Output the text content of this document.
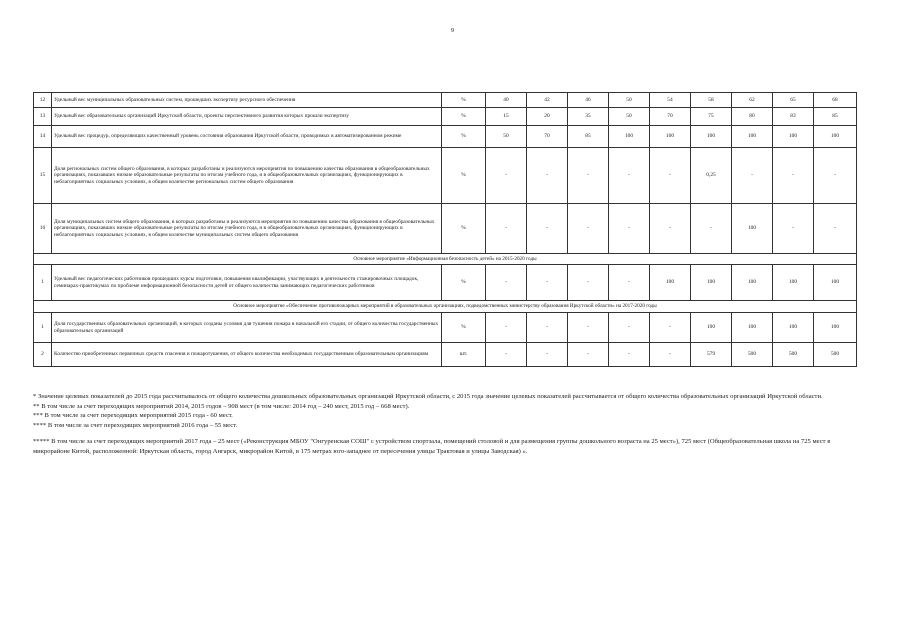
9
12	Удельный вес муниципальных образовательных систем, прошедших экспертизу ресурсного обеспечения	%	40	42	46	50	54	58	62	65	68
13	Удельный вес образовательных организаций Иркутской области, проекты перспективного развития которых прошли экспертизу	%	15	20	35	50	70	75	80	83	85
14	Удельный вес процедур, определяющих качественный уровень состояния образования Иркутской области, проводимых в автоматизированном режиме	%	50	70	85	100	100	100	100	100	100
15	Доля региональных систем общего образования, в которых разработаны и реализуются мероприятия по повышению качества образования в общеобразовательных организациях, показавших низкие образовательные результаты по итогам учебного года, и в общеобразовательных организациях, функционирующих в неблагоприятных социальных условиях, в общем количестве региональных систем общего образования	%	-	-	-	-	-	0,25	-	-	-
16	Доля муниципальных систем общего образования, в которых разработаны и реализуются мероприятия по повышению качества образования в общеобразовательных организациях, показавших низкие образовательные результаты по итогам учебного года, и в общеобразовательных организациях, функционирующих в неблагоприятных социальных условиях, в общем количестве муниципальных систем общего образования	%	-	-	-	-	-	-	100	-	-
Основное мероприятие «Информационная безопасность детей» на 2015-2020 годы											
1	Удельный вес педагогических работников прошедших курсы подготовки, повышения квалификации, участвующих в деятельности стажировочных площадок, семинарах-практикумах по проблеме информационной безопасности детей от общего количества занимающих педагогических работников	%	-	-	-	-	100	100	100	100	100
Основное мероприятие «Обеспечение противопожарных мероприятий в образовательных организациях, подведомственных министерству образования Иркутской области» на 2017-2020 годы											
1	Доля государственных образовательных организаций, в которых созданы условия для тушения пожара в начальной его стадии, от общего количества государственных образовательных организаций	%	-	-	-	-	-	100	100	100	100
2	Количество приобретенных первичных средств спасения и пожаротушения, от общего количества необходимых государственным образовательным организациям	шт.	-	-	-	-	-	579	500	500	500

* Значение целевых показателей до 2015 года рассчитывалось от общего количества дошкольных образовательных организаций Иркутской области, с 2015 года значение целевых показателей рассчитывается от общего количества образовательных организаций Иркутской области.

** В том числе за счет переходящих мероприятий 2014, 2015 годов – 908 мест (в том числе: 2014 год – 240 мест, 2015 год – 668 мест).

*** В том числе за счет переходящих мероприятий 2015 года - 60 мест.

**** В том числе за счет переходящих мероприятий 2016 года – 55 мест.

***** В том числе за счет переходящих мероприятий 2017 года – 25 мест («Реконструкция МБОУ "Онгуренская СОШ" с устройством спортзала, помещений столовой и для размещения группы дошкольного возраста на 25 мест»), 725 мест (Общеобразовательная школа на 725 мест в микрорайоне Китой, расположенной: Иркутская область, город Ангарск, микрорайон Китой, в 175 метрах юго-западнее от пересечения улицы Трактовая и улицы Заводская) ».
